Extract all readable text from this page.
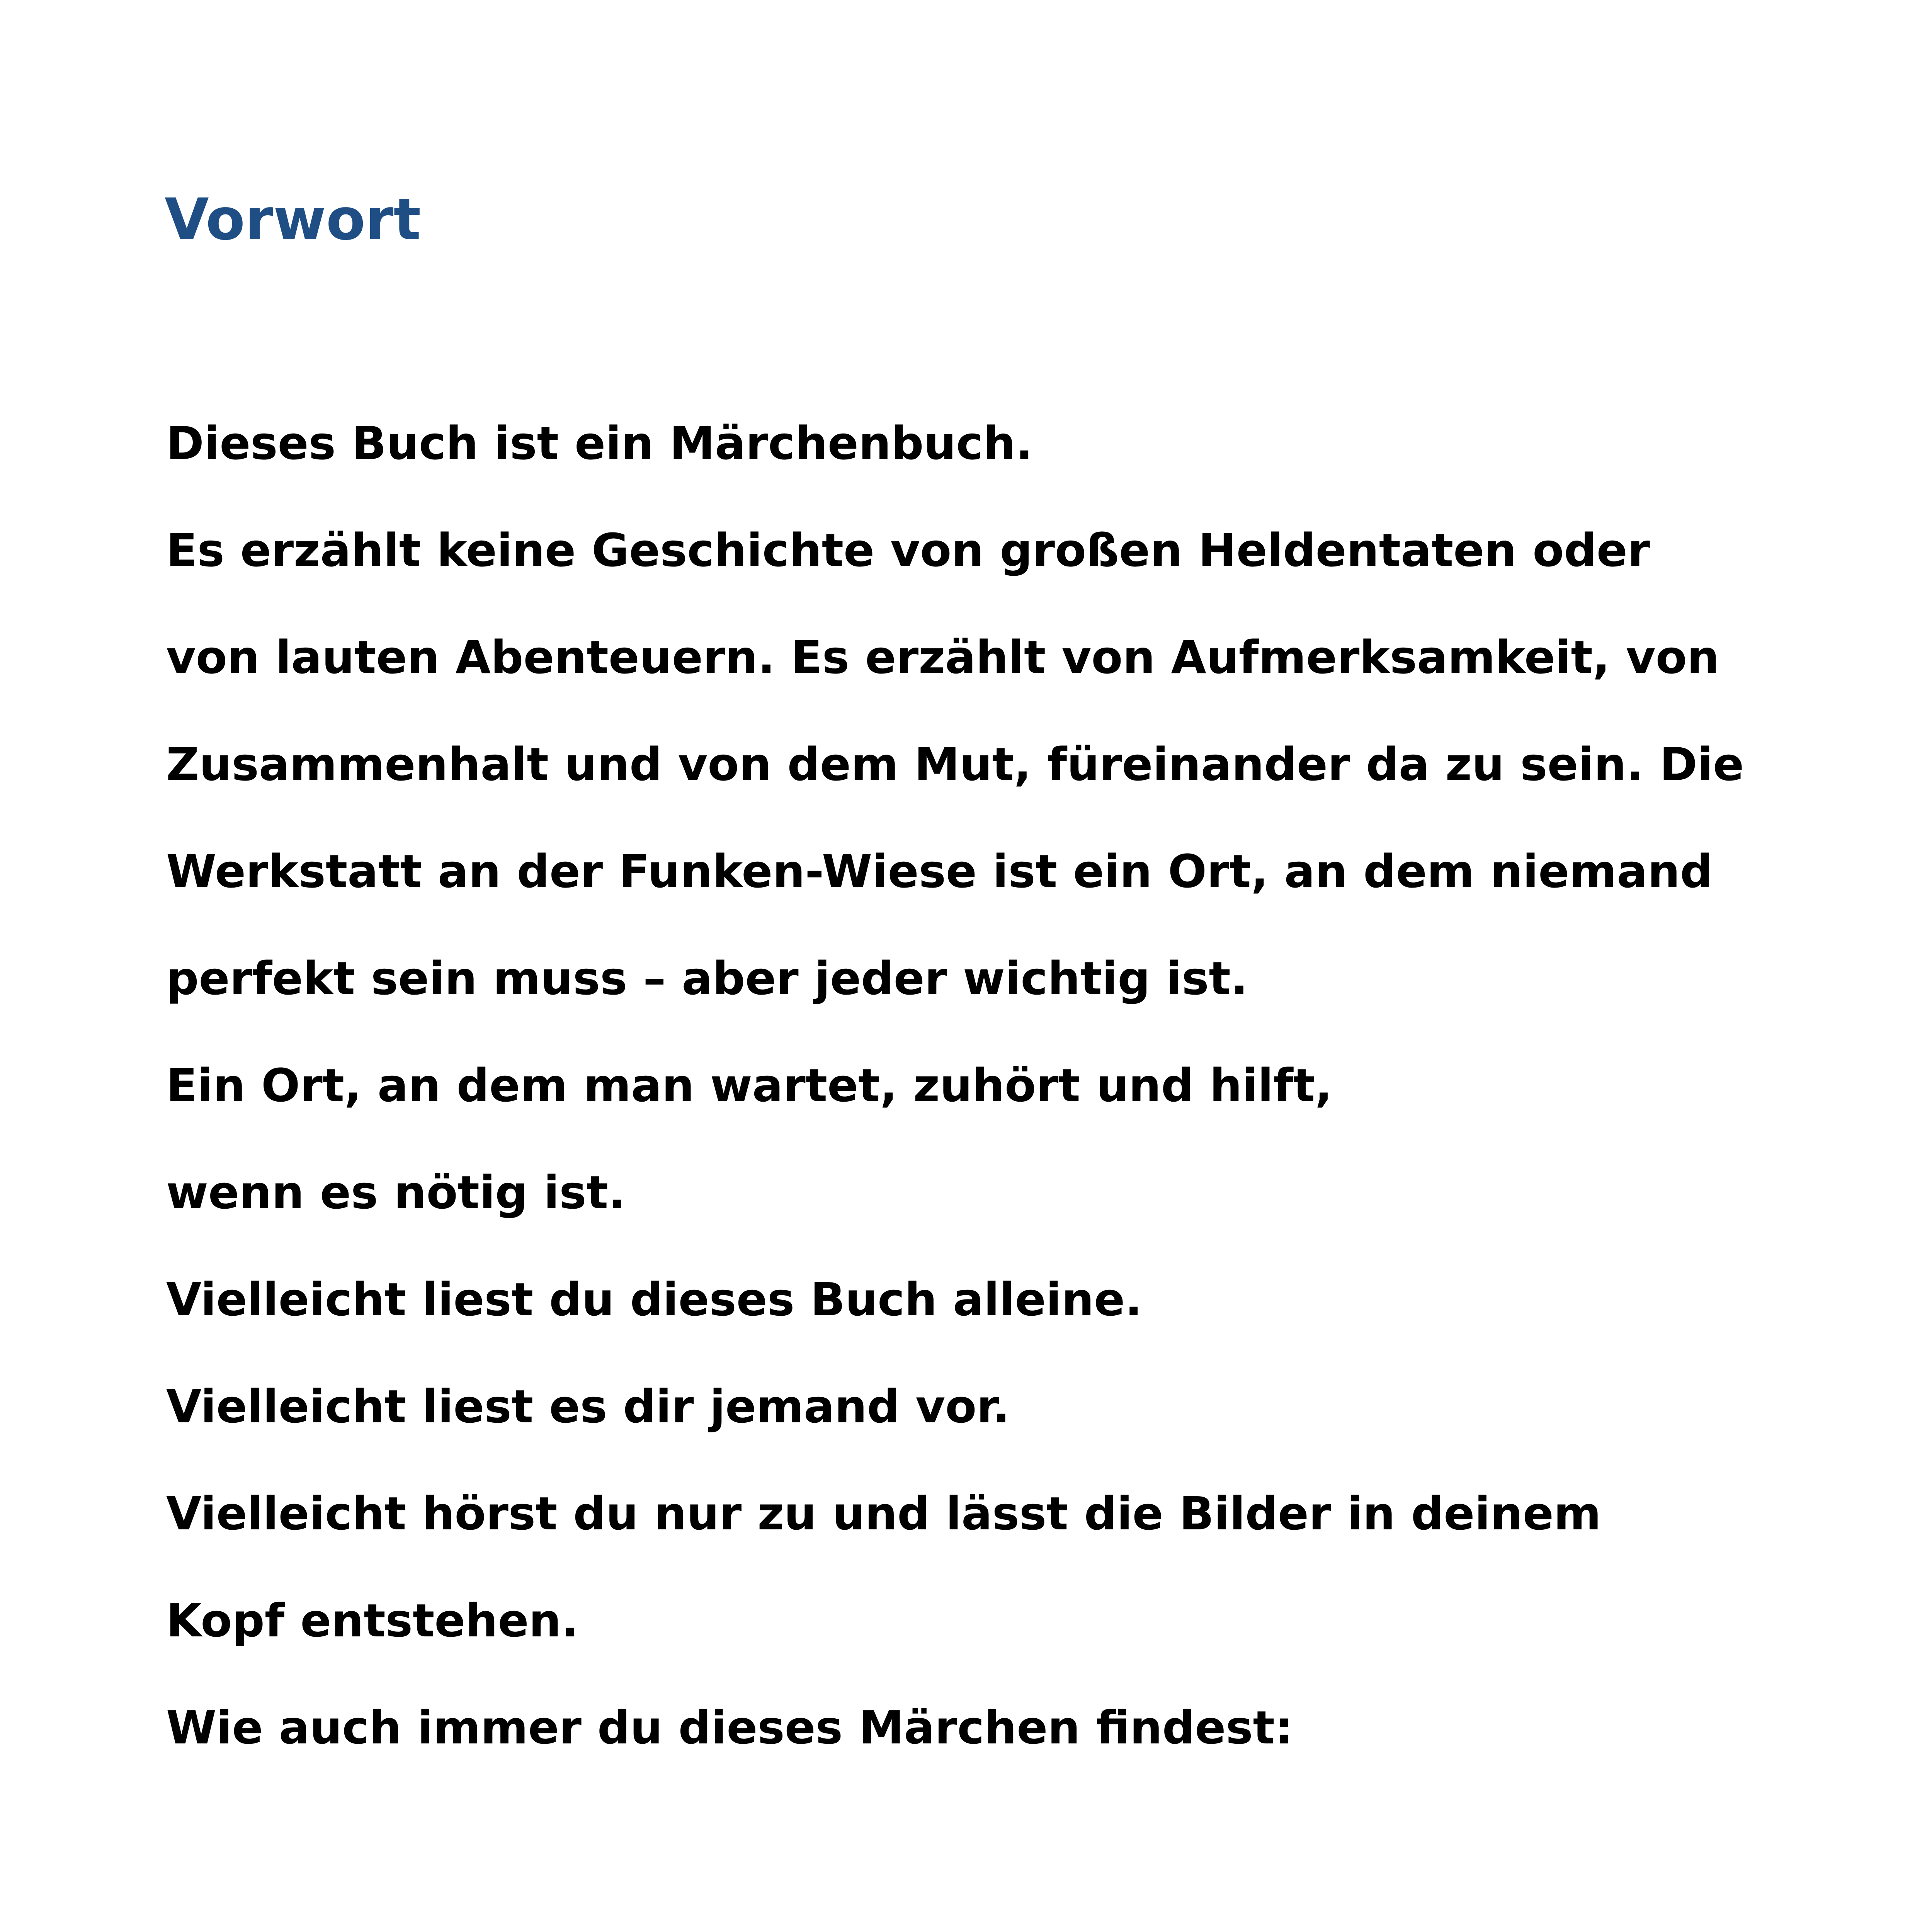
Vorwort
Dieses Buch ist ein Märchenbuch.
Es erzählt keine Geschichte von großen Heldentaten oder
von lauten Abenteuern. Es erzählt von Aufmerksamkeit, von
Zusammenhalt und von dem Mut, füreinander da zu sein. Die
Werkstatt an der Funken-Wiese ist ein Ort, an dem niemand
perfekt sein muss – aber jeder wichtig ist.
Ein Ort, an dem man wartet, zuhört und hilft,
wenn es nötig ist.
Vielleicht liest du dieses Buch alleine.
Vielleicht liest es dir jemand vor.
Vielleicht hörst du nur zu und lässt die Bilder in deinem
Kopf entstehen.
Wie auch immer du dieses Märchen findest:
